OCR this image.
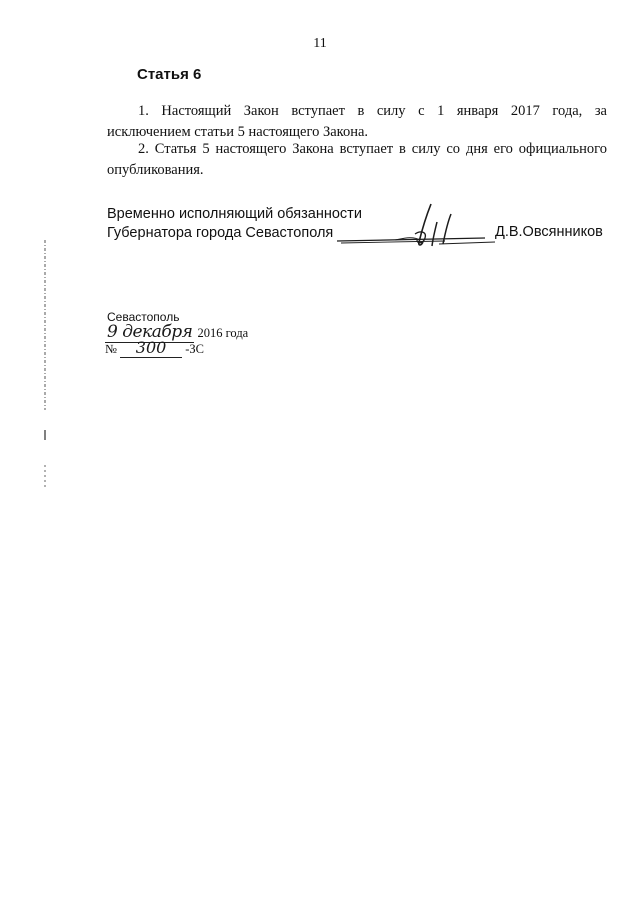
11
Статья 6
1. Настоящий Закон вступает в силу с 1 января 2017 года, за
исключением статьи 5 настоящего Закона.
2. Статья 5 настоящего Закона вступает в силу со дня его официального
опубликования.
Временно исполняющий обязанности
Губернатора города Севастополя	Д.В.Овсянников
Севастополь
9 декабря 2016 года
№ 300 -ЗС
